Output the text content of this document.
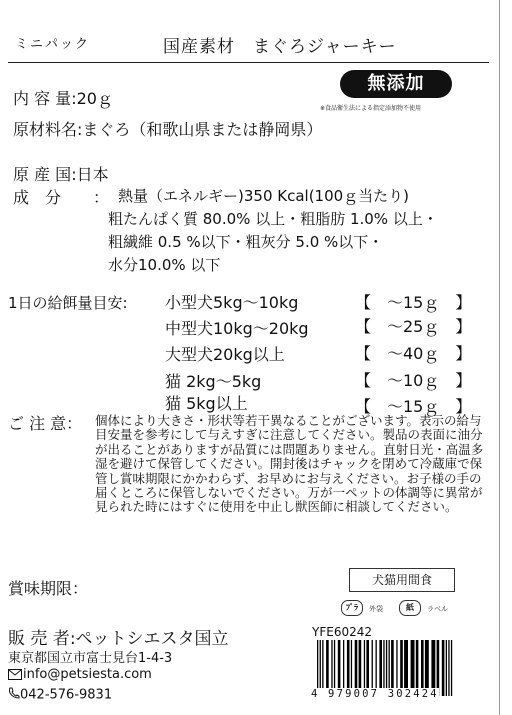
ミニパック	国産素材　まぐろジャーキー
無添加
※食品衛生法による指定添加物不使用
内 容 量:20ｇ
原材料名:まぐろ（和歌山県または静岡県）
原 産 国:日本
成　分 ： 熱量（エネルギー)350 Kcal(100ｇ当たり)
粗たんぱく質 80.0% 以上・粗脂肪 1.0% 以上・
粗繊維 0.5 %以下・粗灰分 5.0 %以下・
水分10.0% 以下
1日の給餌量目安: 小型犬5kg～10kg	【　～15ｇ　】
中型犬10kg～20kg	【　～25ｇ　】
大型犬20kg以上	【　～40ｇ　】
猫 2kg～5kg	【　～10ｇ　】
猫 5kg以上	【　～15ｇ　】
ご 注 意： 個体により大きさ・形状等若干異なることがございます。表示の給与目安量を参考にして与えすぎに注意してください。製品の表面に油分が出ることがありますが品質には問題ありません。直射日光・高温多湿を避けて保管してください。開封後はチャックを閉めて冷蔵庫で保管し賞味期限にかかわらず、お早めにお与えください。お子様の手の届くところに保管しないでください。万が一ペットの体調等に異常が見られた時にはすぐに使用を中止し獣医師に相談してください。
賞味期限：	犬猫用間食
ﾌﾟﾗ	外袋	紙	ラベル
販 売 者:ペットシエスタ国立
東京都国立市富士見台1-4-3
info@petsiesta.com
042-576-9831
YFE60242
4 979007 302424
